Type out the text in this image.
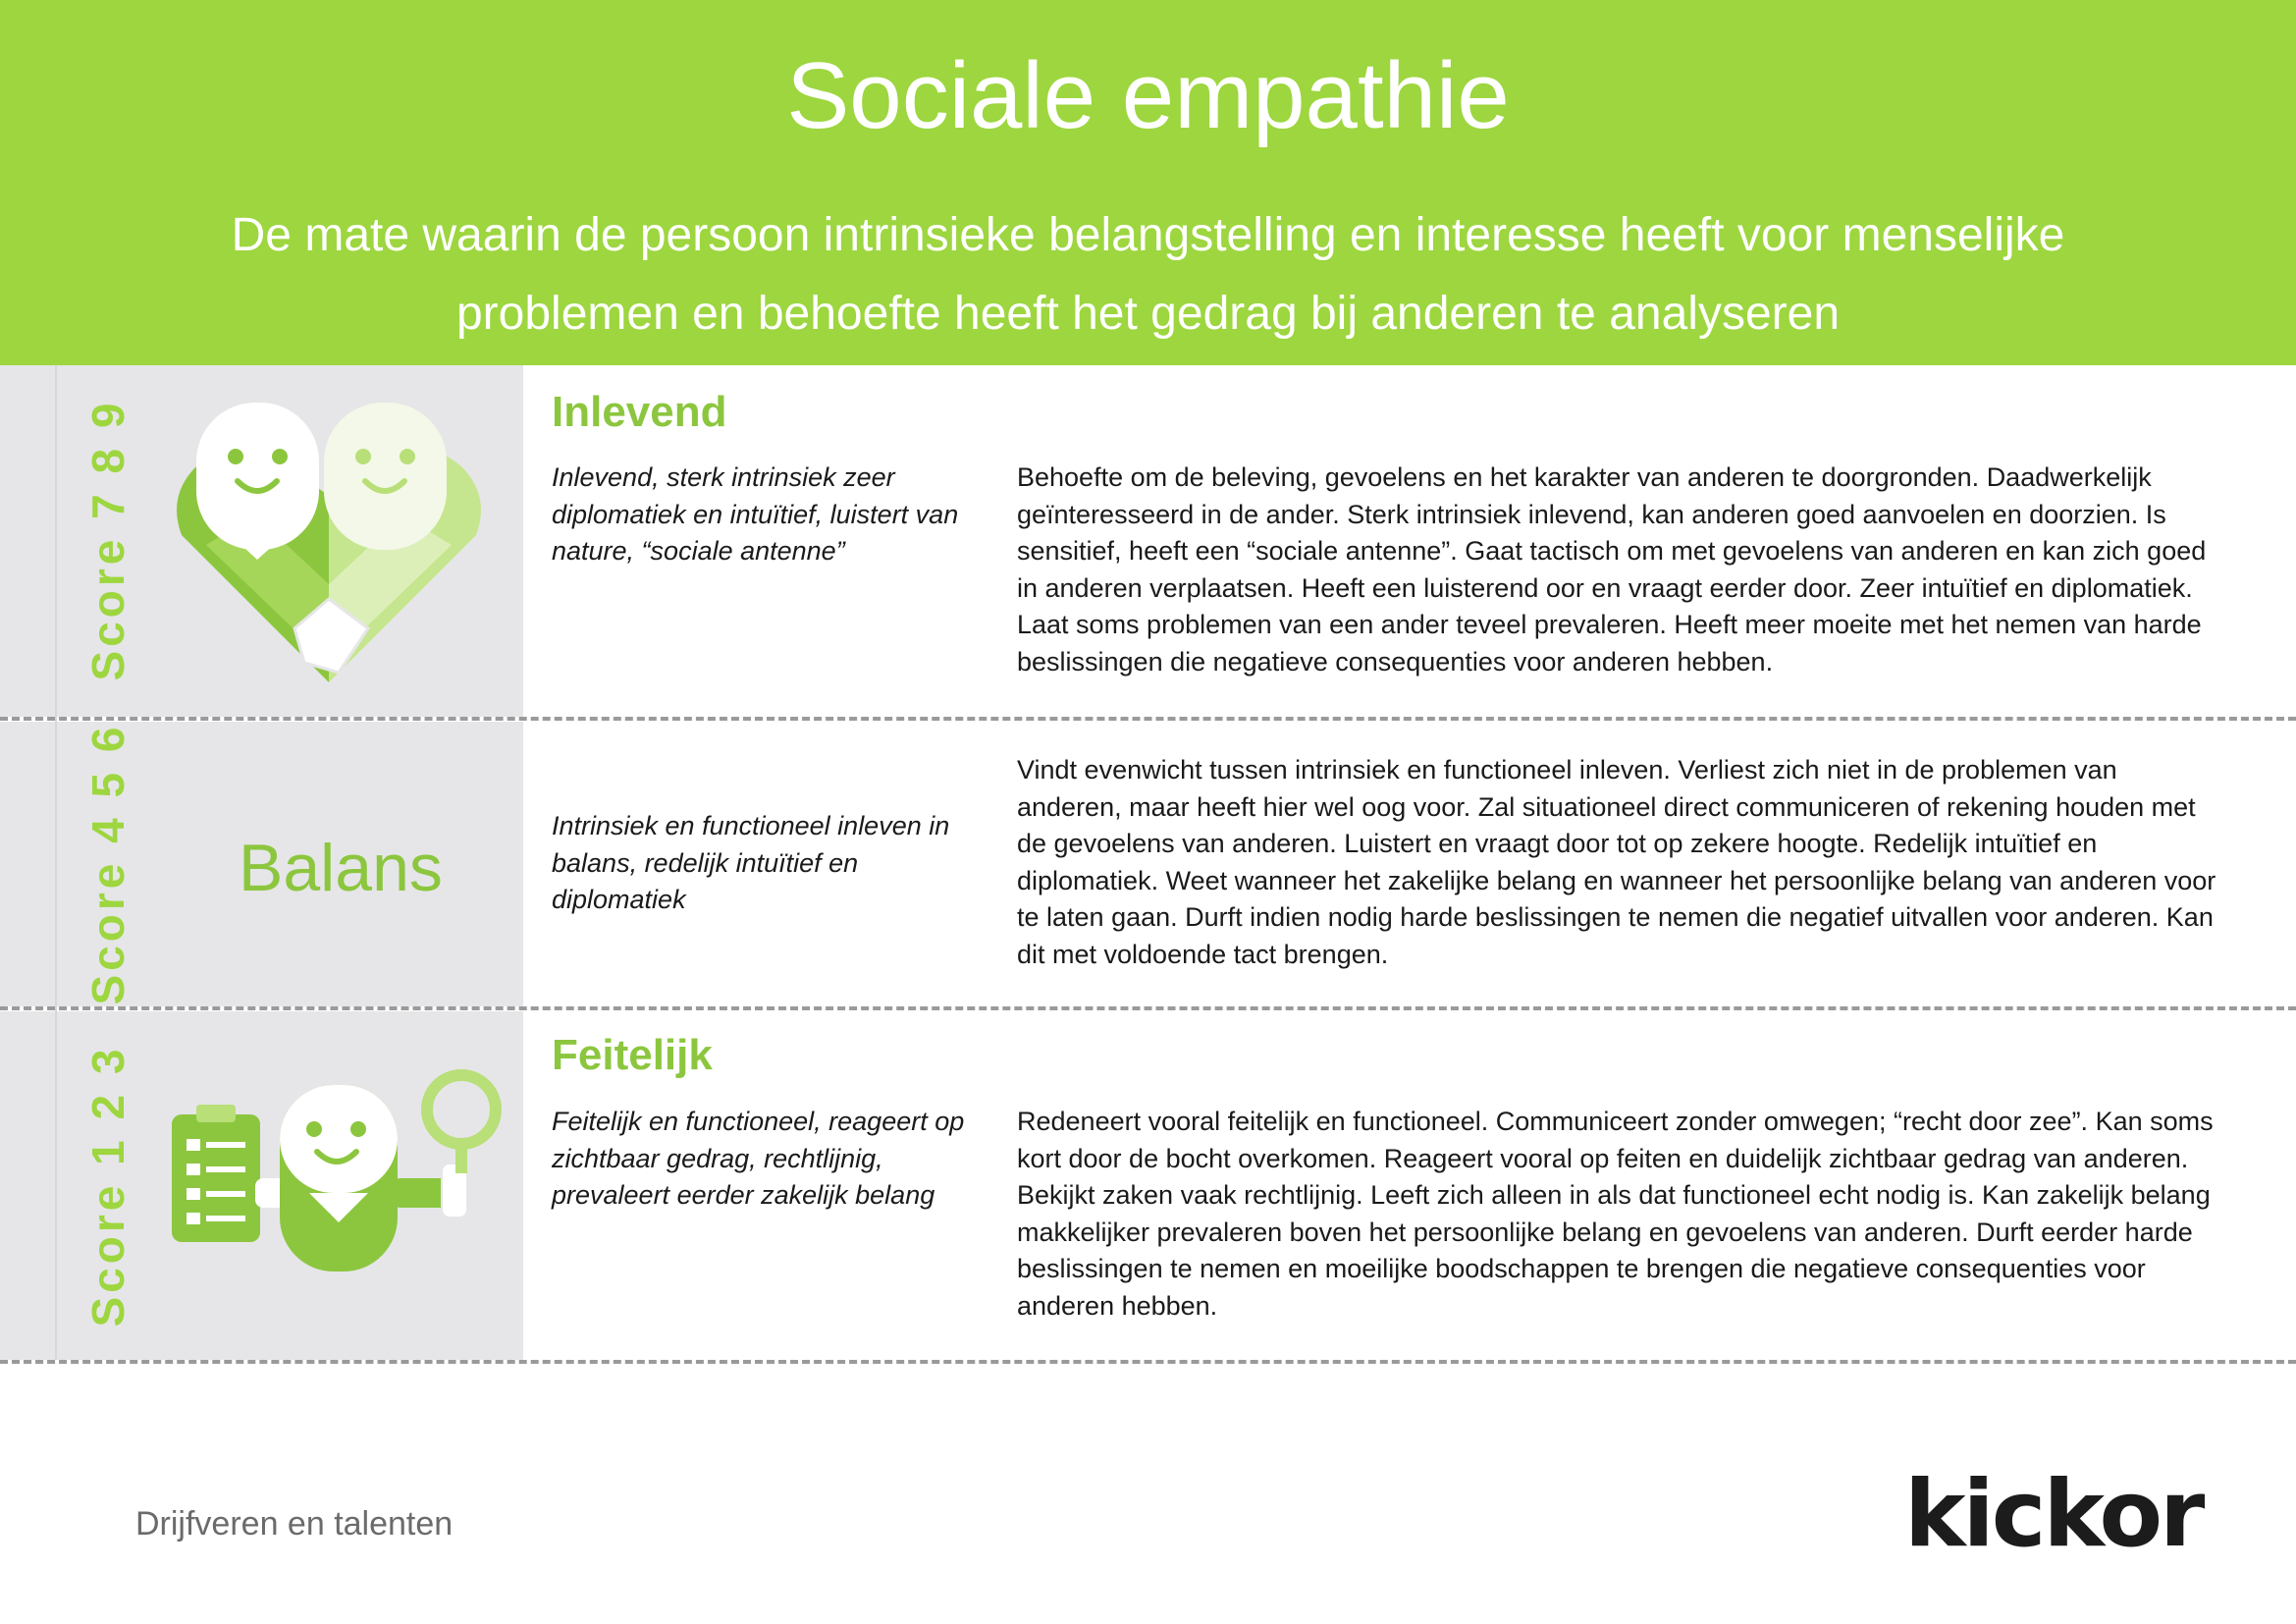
Sociale empathie
De mate waarin de persoon intrinsieke belangstelling en interesse heeft voor menselijke problemen en behoefte heeft het gedrag bij anderen te analyseren
Score 7 8 9
Score 4 5 6
Score 1 2 3
Inlevend
Inlevend, sterk intrinsiek zeer diplomatiek en intuïtief, luistert van nature, “sociale antenne”
Behoefte om de beleving, gevoelens en het karakter van anderen te doorgronden. Daadwerkelijk geïnteresseerd in de ander. Sterk intrinsiek inlevend, kan anderen goed aanvoelen en doorzien. Is sensitief, heeft een “sociale antenne”. Gaat tactisch om met gevoelens van anderen en kan zich goed in anderen verplaatsen. Heeft een luisterend oor en vraagt eerder door. Zeer intuïtief en diplomatiek. Laat soms problemen van een ander teveel prevaleren. Heeft meer moeite met het nemen van harde beslissingen die negatieve consequenties voor anderen hebben.
Balans
Intrinsiek en functioneel inleven in balans, redelijk intuïtief en diplomatiek
Vindt evenwicht tussen intrinsiek en functioneel inleven. Verliest zich niet in de problemen van anderen, maar heeft hier wel oog voor. Zal situationeel direct communiceren of rekening houden met de gevoelens van anderen. Luistert en vraagt door tot op zekere hoogte. Redelijk intuïtief en diplomatiek. Weet wanneer het zakelijke belang en wanneer het persoonlijke belang van anderen voor te laten gaan. Durft indien nodig harde beslissingen te nemen die negatief uitvallen voor anderen. Kan dit met voldoende tact brengen.
Feitelijk
Feitelijk en functioneel, reageert op zichtbaar gedrag, rechtlijnig, prevaleert eerder zakelijk belang
Redeneert vooral feitelijk en functioneel. Communiceert zonder omwegen; “recht door zee”. Kan soms kort door de bocht overkomen. Reageert vooral op feiten en duidelijk zichtbaar gedrag van anderen. Bekijkt zaken vaak rechtlijnig. Leeft zich alleen in als dat functioneel echt nodig is. Kan zakelijk belang makkelijker prevaleren boven het persoonlijke belang en gevoelens van anderen. Durft eerder harde beslissingen te nemen en moeilijke boodschappen te brengen die negatieve consequenties voor anderen hebben.
Drijfveren en talenten	kickor
